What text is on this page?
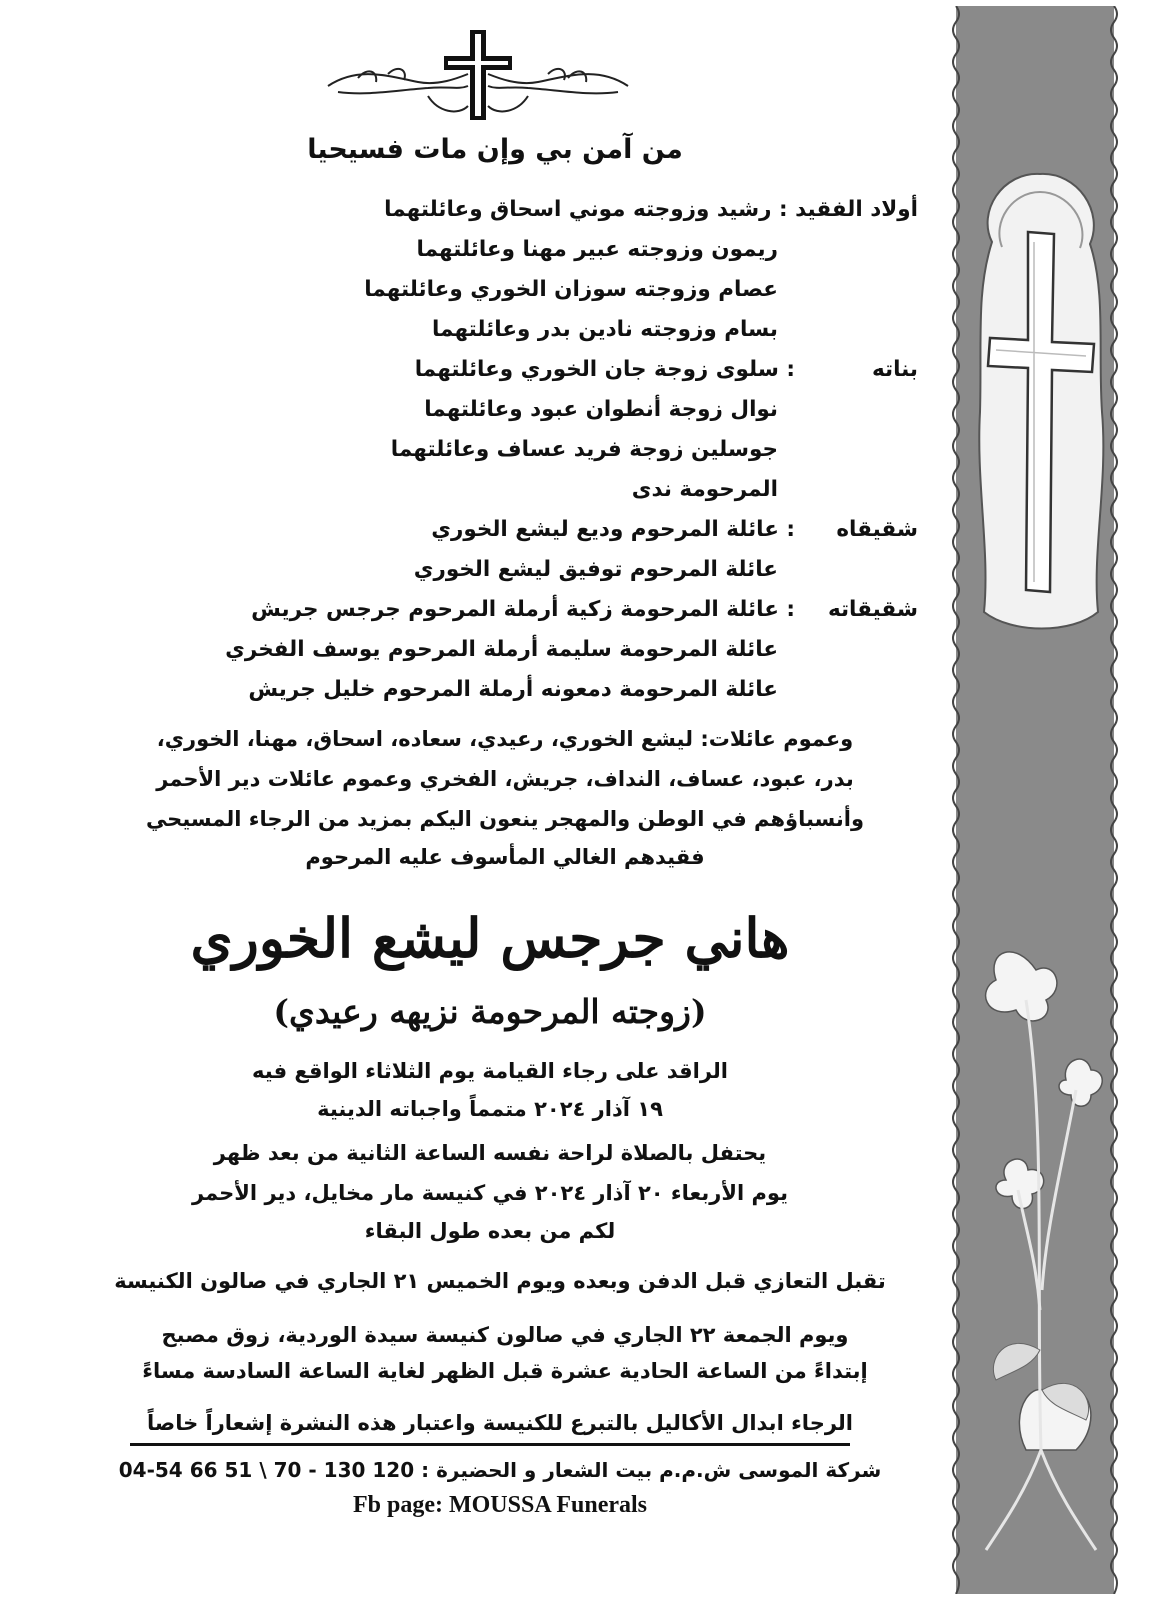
من آمن بي وإن مات فسيحيا
أولاد الفقيد : رشيد وزوجته موني اسحاق وعائلتهما
ريمون وزوجته عبير مهنا وعائلتهما
عصام وزوجته سوزان الخوري وعائلتهما
بسام وزوجته نادين بدر وعائلتهما
بناته
: سلوى زوجة جان الخوري وعائلتهما
نوال زوجة أنطوان عبود وعائلتهما
جوسلين زوجة فريد عساف وعائلتهما
المرحومة ندى
شقيقاه
: عائلة المرحوم وديع ليشع الخوري
عائلة المرحوم توفيق ليشع الخوري
شقيقاته
: عائلة المرحومة زكية أرملة المرحوم جرجس جريش
عائلة المرحومة سليمة أرملة المرحوم يوسف الفخري
عائلة المرحومة دمعونه أرملة المرحوم خليل جريش
وعموم عائلات: ليشع الخوري، رعيدي، سعاده، اسحاق، مهنا، الخوري،
بدر، عبود، عساف، النداف، جريش، الفخري وعموم عائلات دير الأحمر
وأنسباؤهم في الوطن والمهجر ينعون اليكم بمزيد من الرجاء المسيحي
فقيدهم الغالي المأسوف عليه المرحوم
هاني جرجس ليشع الخوري
(زوجته المرحومة نزيهه رعيدي)
الراقد على رجاء القيامة يوم الثلاثاء الواقع فيه
١٩ آذار ٢٠٢٤ متمماً واجباته الدينية
يحتفل بالصلاة لراحة نفسه الساعة الثانية من بعد ظهر
يوم الأربعاء ٢٠ آذار ٢٠٢٤ في كنيسة مار مخايل، دير الأحمر
لكم من بعده طول البقاء
تقبل التعازي قبل الدفن وبعده ويوم الخميس ٢١ الجاري في صالون الكنيسة
ويوم الجمعة ٢٢ الجاري في صالون كنيسة سيدة الوردية، زوق مصبح
إبتداءً من الساعة الحادية عشرة قبل الظهر لغاية الساعة السادسة مساءً
الرجاء ابدال الأكاليل بالتبرع للكنيسة واعتبار هذه النشرة إشعاراً خاصاً
شركة الموسى ش.م.م بيت الشعار و الحضيرة : 120 130 - 70 \ 51 66 54-04
Fb page: MOUSSA Funerals
